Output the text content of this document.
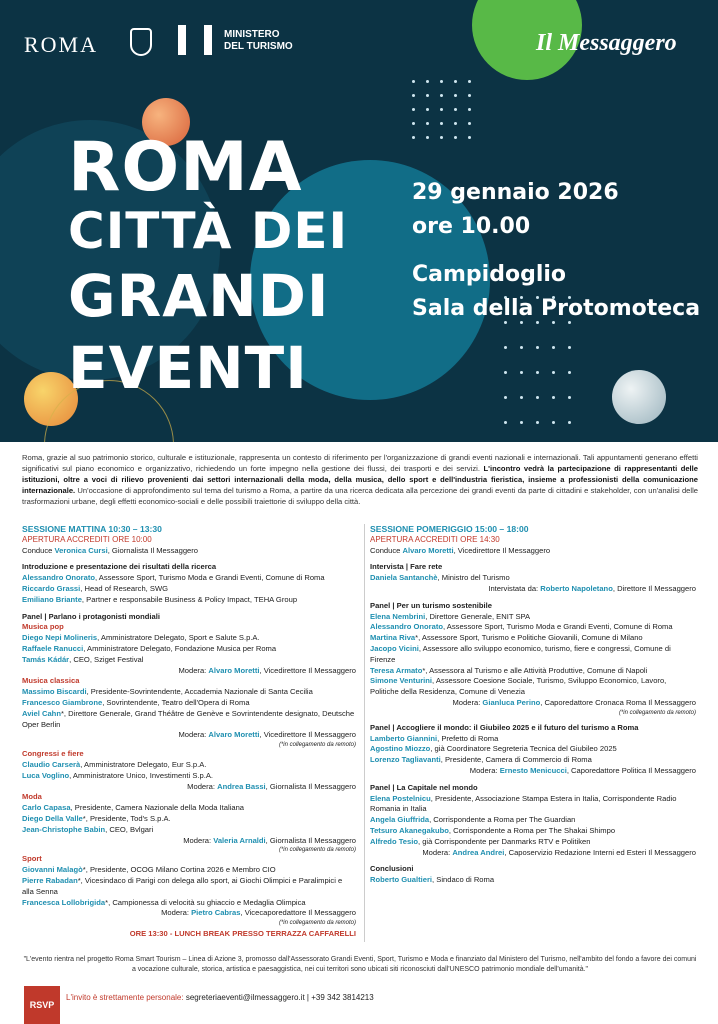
ROMA	MINISTERO
DEL TURISMO	Il Messaggero
ROMA
CITTÀ DEI
GRANDI
EVENTI
29 gennaio 2026
ore 10.00
Campidoglio
Sala della Protomoteca
Roma, grazie al suo patrimonio storico, culturale e istituzionale, rappresenta un contesto di riferimento per l'organizzazione di grandi eventi nazionali e internazionali. Tali appuntamenti generano effetti significativi sul piano economico e organizzativo, richiedendo un forte impegno nella gestione dei flussi, dei trasporti e dei servizi. L'incontro vedrà la partecipazione di rappresentanti delle istituzioni, oltre a voci di rilievo provenienti dai settori internazionali della moda, della musica, dello sport e dell'industria fieristica, insieme a professionisti della comunicazione internazionale. Un'occasione di approfondimento sul tema del turismo a Roma, a partire da una ricerca dedicata alla percezione dei grandi eventi da parte di cittadini e stakeholder, con un'analisi delle trasformazioni urbane, degli effetti economico-sociali e delle possibili traiettorie di sviluppo della città.
SESSIONE MATTINA 10:30 – 13:30
APERTURA ACCREDITI ORE 10:00
Conduce Veronica Cursi, Giornalista Il Messaggero
Introduzione e presentazione dei risultati della ricerca
Alessandro Onorato, Assessore Sport, Turismo Moda e Grandi Eventi, Comune di Roma
Riccardo Grassi, Head of Research, SWG
Emiliano Briante, Partner e responsabile Business & Policy Impact, TEHA Group
Panel | Parlano i protagonisti mondiali
Musica pop
Diego Nepi Molineris, Amministratore Delegato, Sport e Salute S.p.A.
Raffaele Ranucci, Amministratore Delegato, Fondazione Musica per Roma
Tamás Kádár, CEO, Sziget Festival
Modera: Alvaro Moretti, Vicedirettore Il Messaggero
Musica classica
Massimo Biscardi, Presidente-Sovrintendente, Accademia Nazionale di Santa Cecilia
Francesco Giambrone, Sovrintendente, Teatro dell'Opera di Roma
Aviel Cahn*, Direttore Generale, Grand Théâtre de Genève e Sovrintendente designato, Deutsche Oper Berlin
Modera: Alvaro Moretti, Vicedirettore Il Messaggero
(*in collegamento da remoto)
Congressi e fiere
Claudio Carserà, Amministratore Delegato, Eur S.p.A.
Luca Voglino, Amministratore Unico, Investimenti S.p.A.
Modera: Andrea Bassi, Giornalista Il Messaggero
Moda
Carlo Capasa, Presidente, Camera Nazionale della Moda Italiana
Diego Della Valle*, Presidente, Tod's S.p.A.
Jean-Christophe Babin, CEO, Bvlgari
Modera: Valeria Arnaldi, Giornalista Il Messaggero
(*in collegamento da remoto)
Sport
Giovanni Malagò*, Presidente, OCOG Milano Cortina 2026 e Membro CIO
Pierre Rabadan*, Vicesindaco di Parigi con delega allo sport, ai Giochi Olimpici e Paralimpici e alla Senna
Francesca Lollobrigida*, Campionessa di velocità su ghiaccio e Medaglia Olimpica
Modera: Pietro Cabras, Vicecaporedattore Il Messaggero
(*in collegamento da remoto)
ORE 13:30 - LUNCH BREAK PRESSO TERRAZZA CAFFARELLI
SESSIONE POMERIGGIO 15:00 – 18:00
APERTURA ACCREDITI ORE 14:30
Conduce Alvaro Moretti, Vicedirettore Il Messaggero
Intervista | Fare rete
Daniela Santanchè, Ministro del Turismo
Intervistata da: Roberto Napoletano, Direttore Il Messaggero
Panel | Per un turismo sostenibile
Elena Nembrini, Direttore Generale, ENIT SPA
Alessandro Onorato, Assessore Sport, Turismo Moda e Grandi Eventi, Comune di Roma
Martina Riva*, Assessore Sport, Turismo e Politiche Giovanili, Comune di Milano
Jacopo Vicini, Assessore allo sviluppo economico, turismo, fiere e congressi, Comune di Firenze
Teresa Armato*, Assessora al Turismo e alle Attività Produttive, Comune di Napoli
Simone Venturini, Assessore Coesione Sociale, Turismo, Sviluppo Economico, Lavoro, Politiche della Residenza, Comune di Venezia
Modera: Gianluca Perino, Caporedattore Cronaca Roma Il Messaggero
(*in collegamento da remoto)
Panel | Accogliere il mondo: il Giubileo 2025 e il futuro del turismo a Roma
Lamberto Giannini, Prefetto di Roma
Agostino Miozzo, già Coordinatore Segreteria Tecnica del Giubileo 2025
Lorenzo Tagliavanti, Presidente, Camera di Commercio di Roma
Modera: Ernesto Menicucci, Caporedattore Politica Il Messaggero
Panel | La Capitale nel mondo
Elena Postelnicu, Presidente, Associazione Stampa Estera in Italia, Corrispondente Radio Romania in Italia
Angela Giuffrida, Corrispondente a Roma per The Guardian
Tetsuro Akanegakubo, Corrispondente a Roma per The Shakai Shimpo
Alfredo Tesio, già Corrispondente per Danmarks RTV e Politiken
Modera: Andrea Andrei, Caposervizio Redazione Interni ed Esteri Il Messaggero
Conclusioni
Roberto Gualtieri, Sindaco di Roma
"L'evento rientra nel progetto Roma Smart Tourism – Linea di Azione 3, promosso dall'Assessorato Grandi Eventi, Sport, Turismo e Moda e finanziato dal Ministero del Turismo, nell'ambito del fondo a favore dei comuni a vocazione culturale, storica, artistica e paesaggistica, nei cui territori sono ubicati siti riconosciuti dall'UNESCO patrimonio mondiale dell'umanità."
RSVP
L'invito è strettamente personale: segreteriaeventi@ilmessaggero.it | +39 342 3814213
